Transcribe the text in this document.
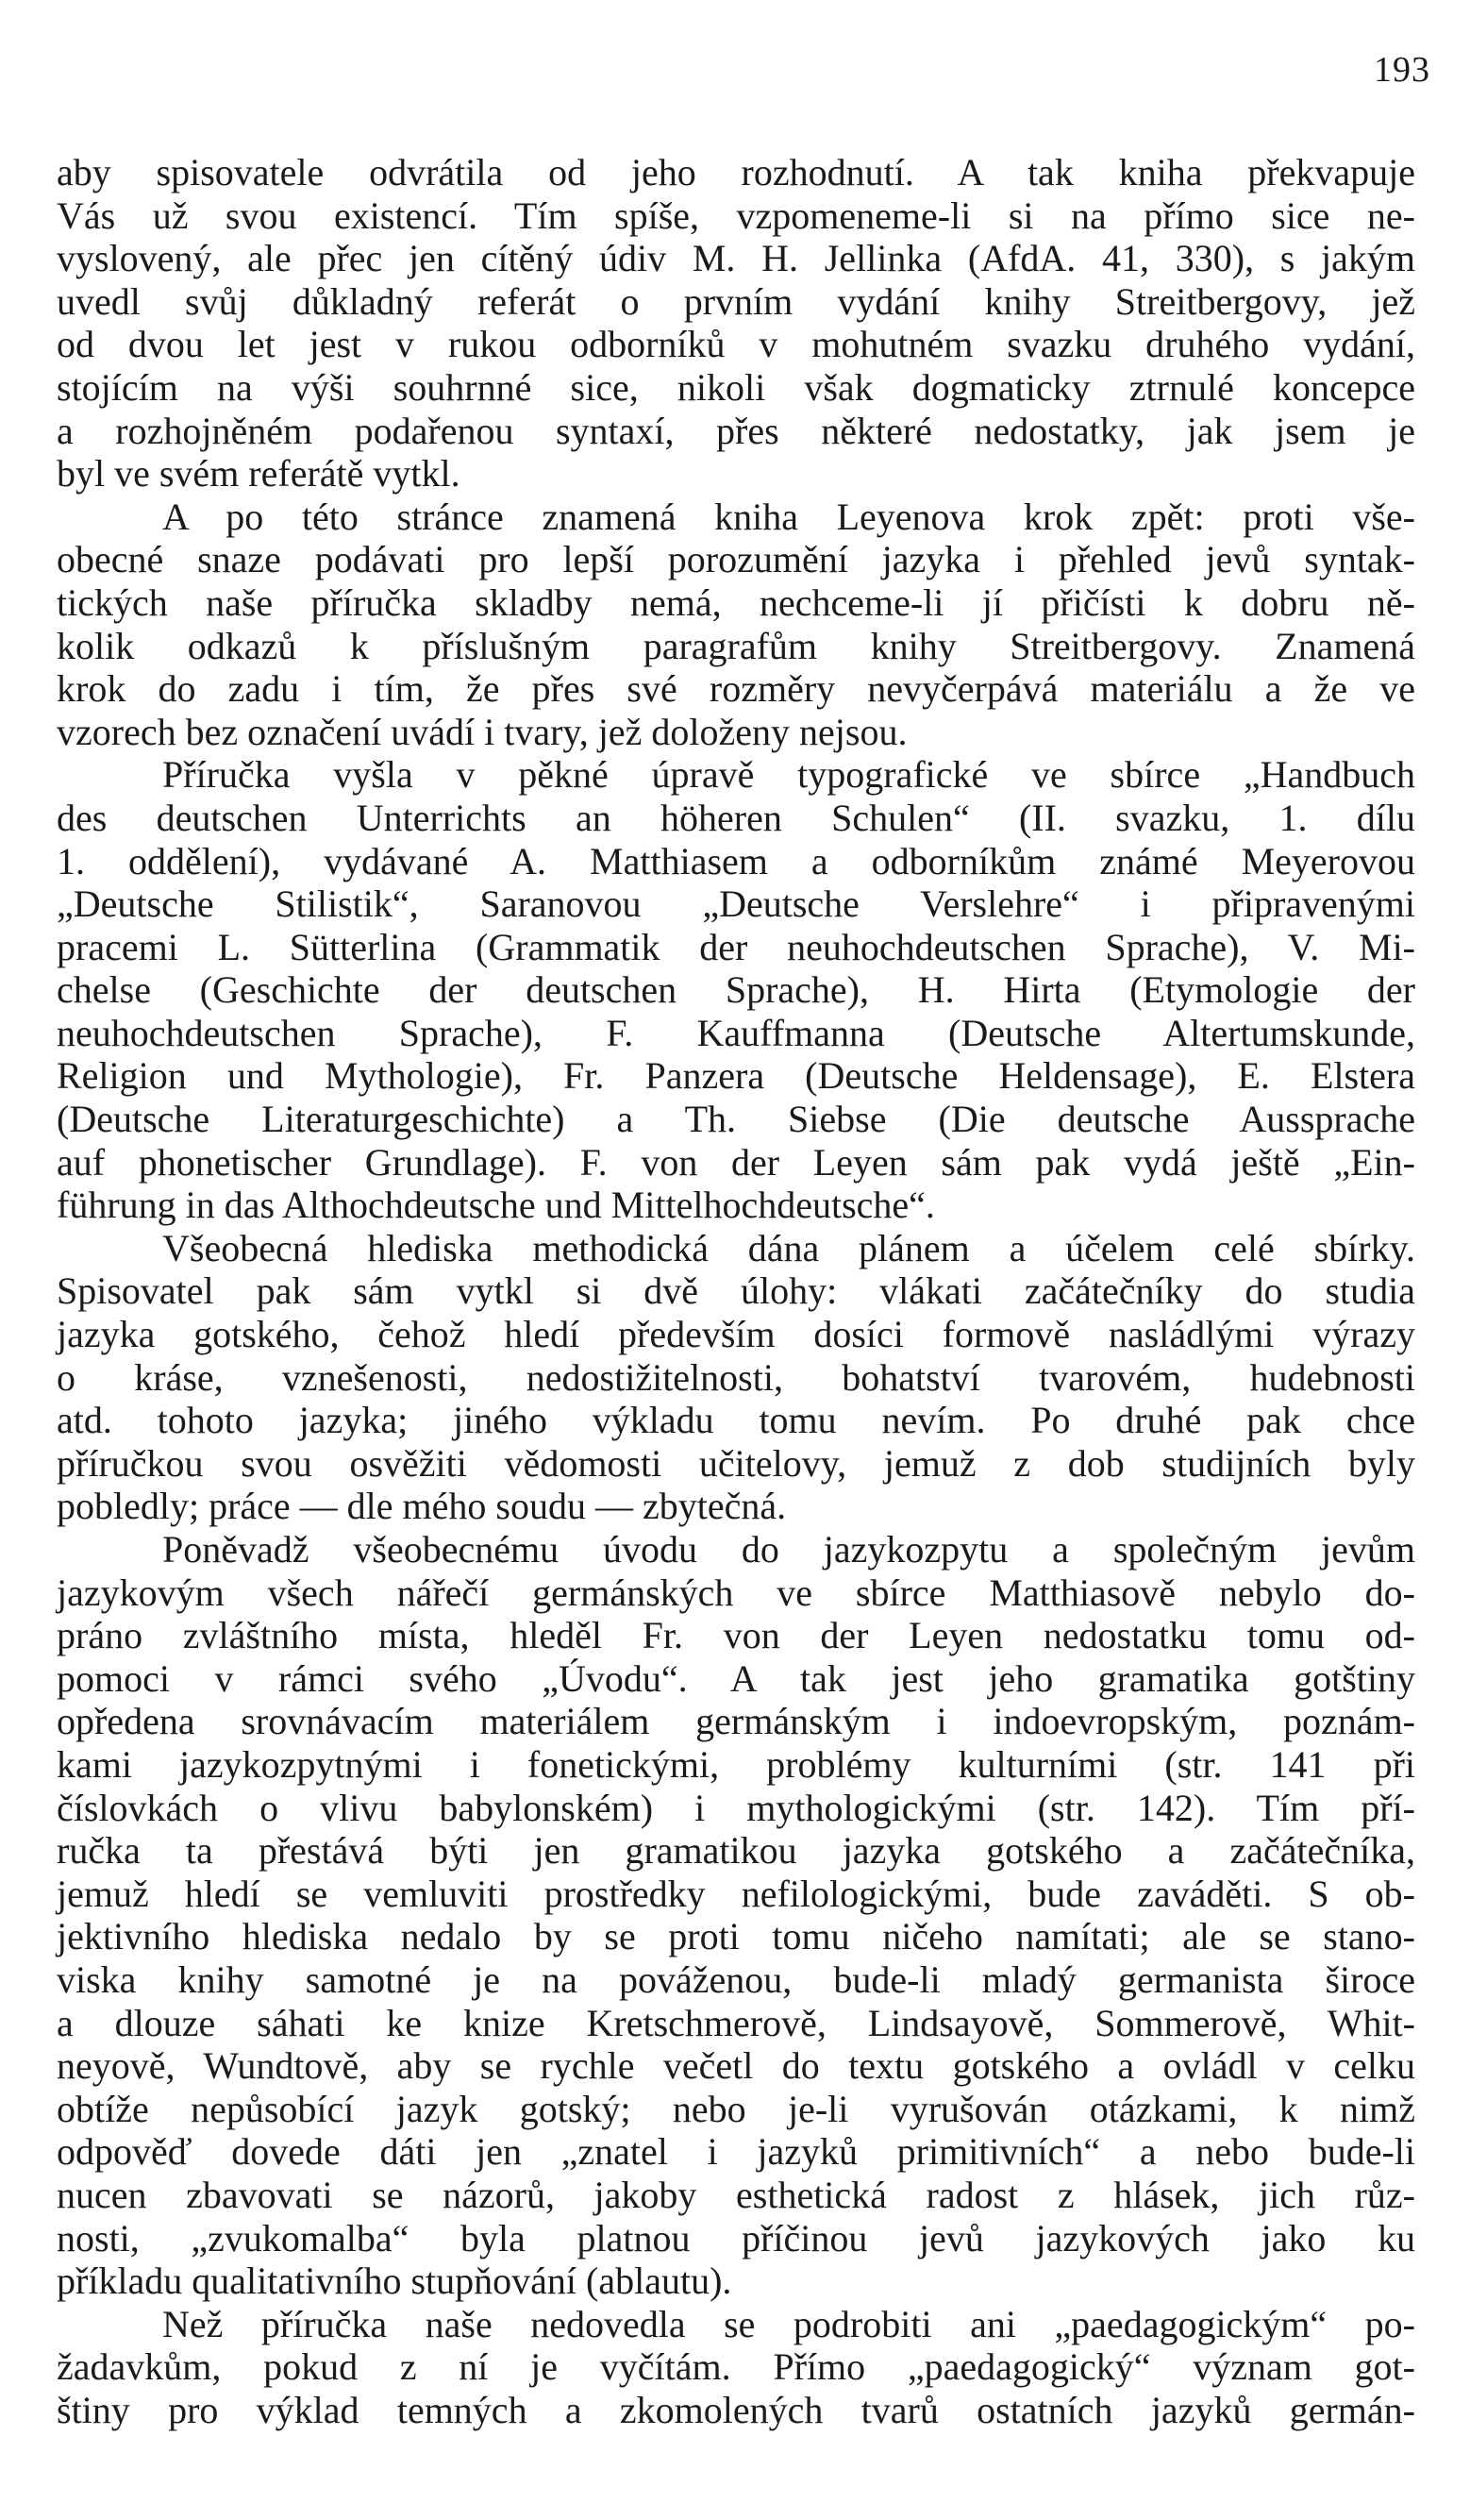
193
aby spisovatele odvrátila od jeho rozhodnutí. A tak kniha překvapuje
Vás už svou existencí. Tím spíše, vzpomeneme-li si na přímo sice ne-
vyslovený, ale přec jen cítěný údiv M. H. Jellinka (AfdA. 41, 330), s jakým
uvedl svůj důkladný referát o prvním vydání knihy Streitbergovy, jež
od dvou let jest v rukou odborníků v mohutném svazku druhého vydání,
stojícím na výši souhrnné sice, nikoli však dogmaticky ztrnulé koncepce
a rozhojněném podařenou syntaxí, přes některé nedostatky, jak jsem je
byl ve svém referátě vytkl.
A po této stránce znamená kniha Leyenova krok zpět: proti vše-
obecné snaze podávati pro lepší porozumění jazyka i přehled jevů syntak-
tických naše příručka skladby nemá, nechceme-li jí přičísti k dobru ně-
kolik odkazů k příslušným paragrafům knihy Streitbergovy. Znamená
krok do zadu i tím, že přes své rozměry nevyčerpává materiálu a že ve
vzorech bez označení uvádí i tvary, jež doloženy nejsou.
Příručka vyšla v pěkné úpravě typografické ve sbírce „Handbuch
des deutschen Unterrichts an höheren Schulen“ (II. svazku, 1. dílu
1. oddělení), vydávané A. Matthiasem a odborníkům známé Meyerovou
„Deutsche Stilistik“, Saranovou „Deutsche Verslehre“ i připravenými
pracemi L. Sütterlina (Grammatik der neuhochdeutschen Sprache), V. Mi-
chelse (Geschichte der deutschen Sprache), H. Hirta (Etymologie der
neuhochdeutschen Sprache), F. Kauffmanna (Deutsche Altertumskunde,
Religion und Mythologie), Fr. Panzera (Deutsche Heldensage), E. Elstera
(Deutsche Literaturgeschichte) a Th. Siebse (Die deutsche Aussprache
auf phonetischer Grundlage). F. von der Leyen sám pak vydá ještě „Ein-
führung in das Althochdeutsche und Mittelhochdeutsche“.
Všeobecná hlediska methodická dána plánem a účelem celé sbírky.
Spisovatel pak sám vytkl si dvě úlohy: vlákati začátečníky do studia
jazyka gotského, čehož hledí především dosíci formově nasládlými výrazy
o kráse, vznešenosti, nedostižitelnosti, bohatství tvarovém, hudebnosti
atd. tohoto jazyka; jiného výkladu tomu nevím. Po druhé pak chce
příručkou svou osvěžiti vědomosti učitelovy, jemuž z dob studijních byly
pobledly; práce — dle mého soudu — zbytečná.
Poněvadž všeobecnému úvodu do jazykozpytu a společným jevům
jazykovým všech nářečí germánských ve sbírce Matthiasově nebylo do-
práno zvláštního místa, hleděl Fr. von der Leyen nedostatku tomu od-
pomoci v rámci svého „Úvodu“. A tak jest jeho gramatika gotštiny
opředena srovnávacím materiálem germánským i indoevropským, poznám-
kami jazykozpytnými i fonetickými, problémy kulturními (str. 141 při
číslovkách o vlivu babylonském) i mythologickými (str. 142). Tím pří-
ručka ta přestává býti jen gramatikou jazyka gotského a začátečníka,
jemuž hledí se vemluviti prostředky nefilologickými, bude zaváděti. S ob-
jektivního hlediska nedalo by se proti tomu ničeho namítati; ale se stano-
viska knihy samotné je na pováženou, bude-li mladý germanista široce
a dlouze sáhati ke knize Kretschmerově, Lindsayově, Sommerově, Whit-
neyově, Wundtově, aby se rychle večetl do textu gotského a ovládl v celku
obtíže nepůsobící jazyk gotský; nebo je-li vyrušován otázkami, k nimž
odpověď dovede dáti jen „znatel i jazyků primitivních“ a nebo bude-li
nucen zbavovati se názorů, jakoby esthetická radost z hlásek, jich růz-
nosti, „zvukomalba“ byla platnou příčinou jevů jazykových jako ku
příkladu qualitativního stupňování (ablautu).
Než příručka naše nedovedla se podrobiti ani „paedagogickým“ po-
žadavkům, pokud z ní je vyčítám. Přímo „paedagogický“ význam got-
štiny pro výklad temných a zkomolených tvarů ostatních jazyků germán-
